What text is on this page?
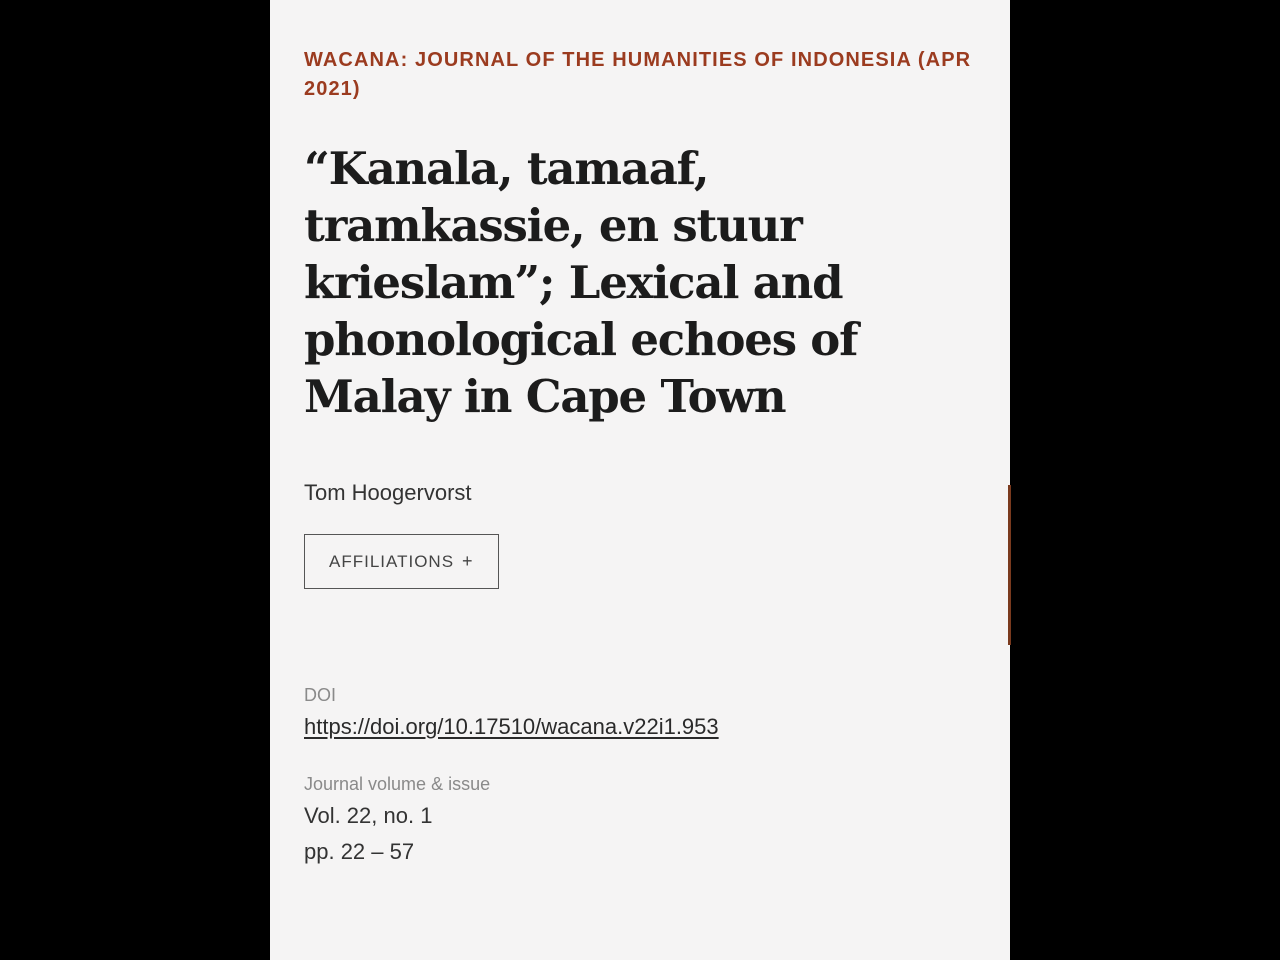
WACANA: JOURNAL OF THE HUMANITIES OF INDONESIA (APR 2021)
“Kanala, tamaaf, tramkassie, en stuur krieslam”; Lexical and phonological echoes of Malay in Cape Town
Tom Hoogervorst
AFFILIATIONS +
DOI
https://doi.org/10.17510/wacana.v22i1.953
Journal volume & issue
Vol. 22, no. 1
pp. 22 – 57
